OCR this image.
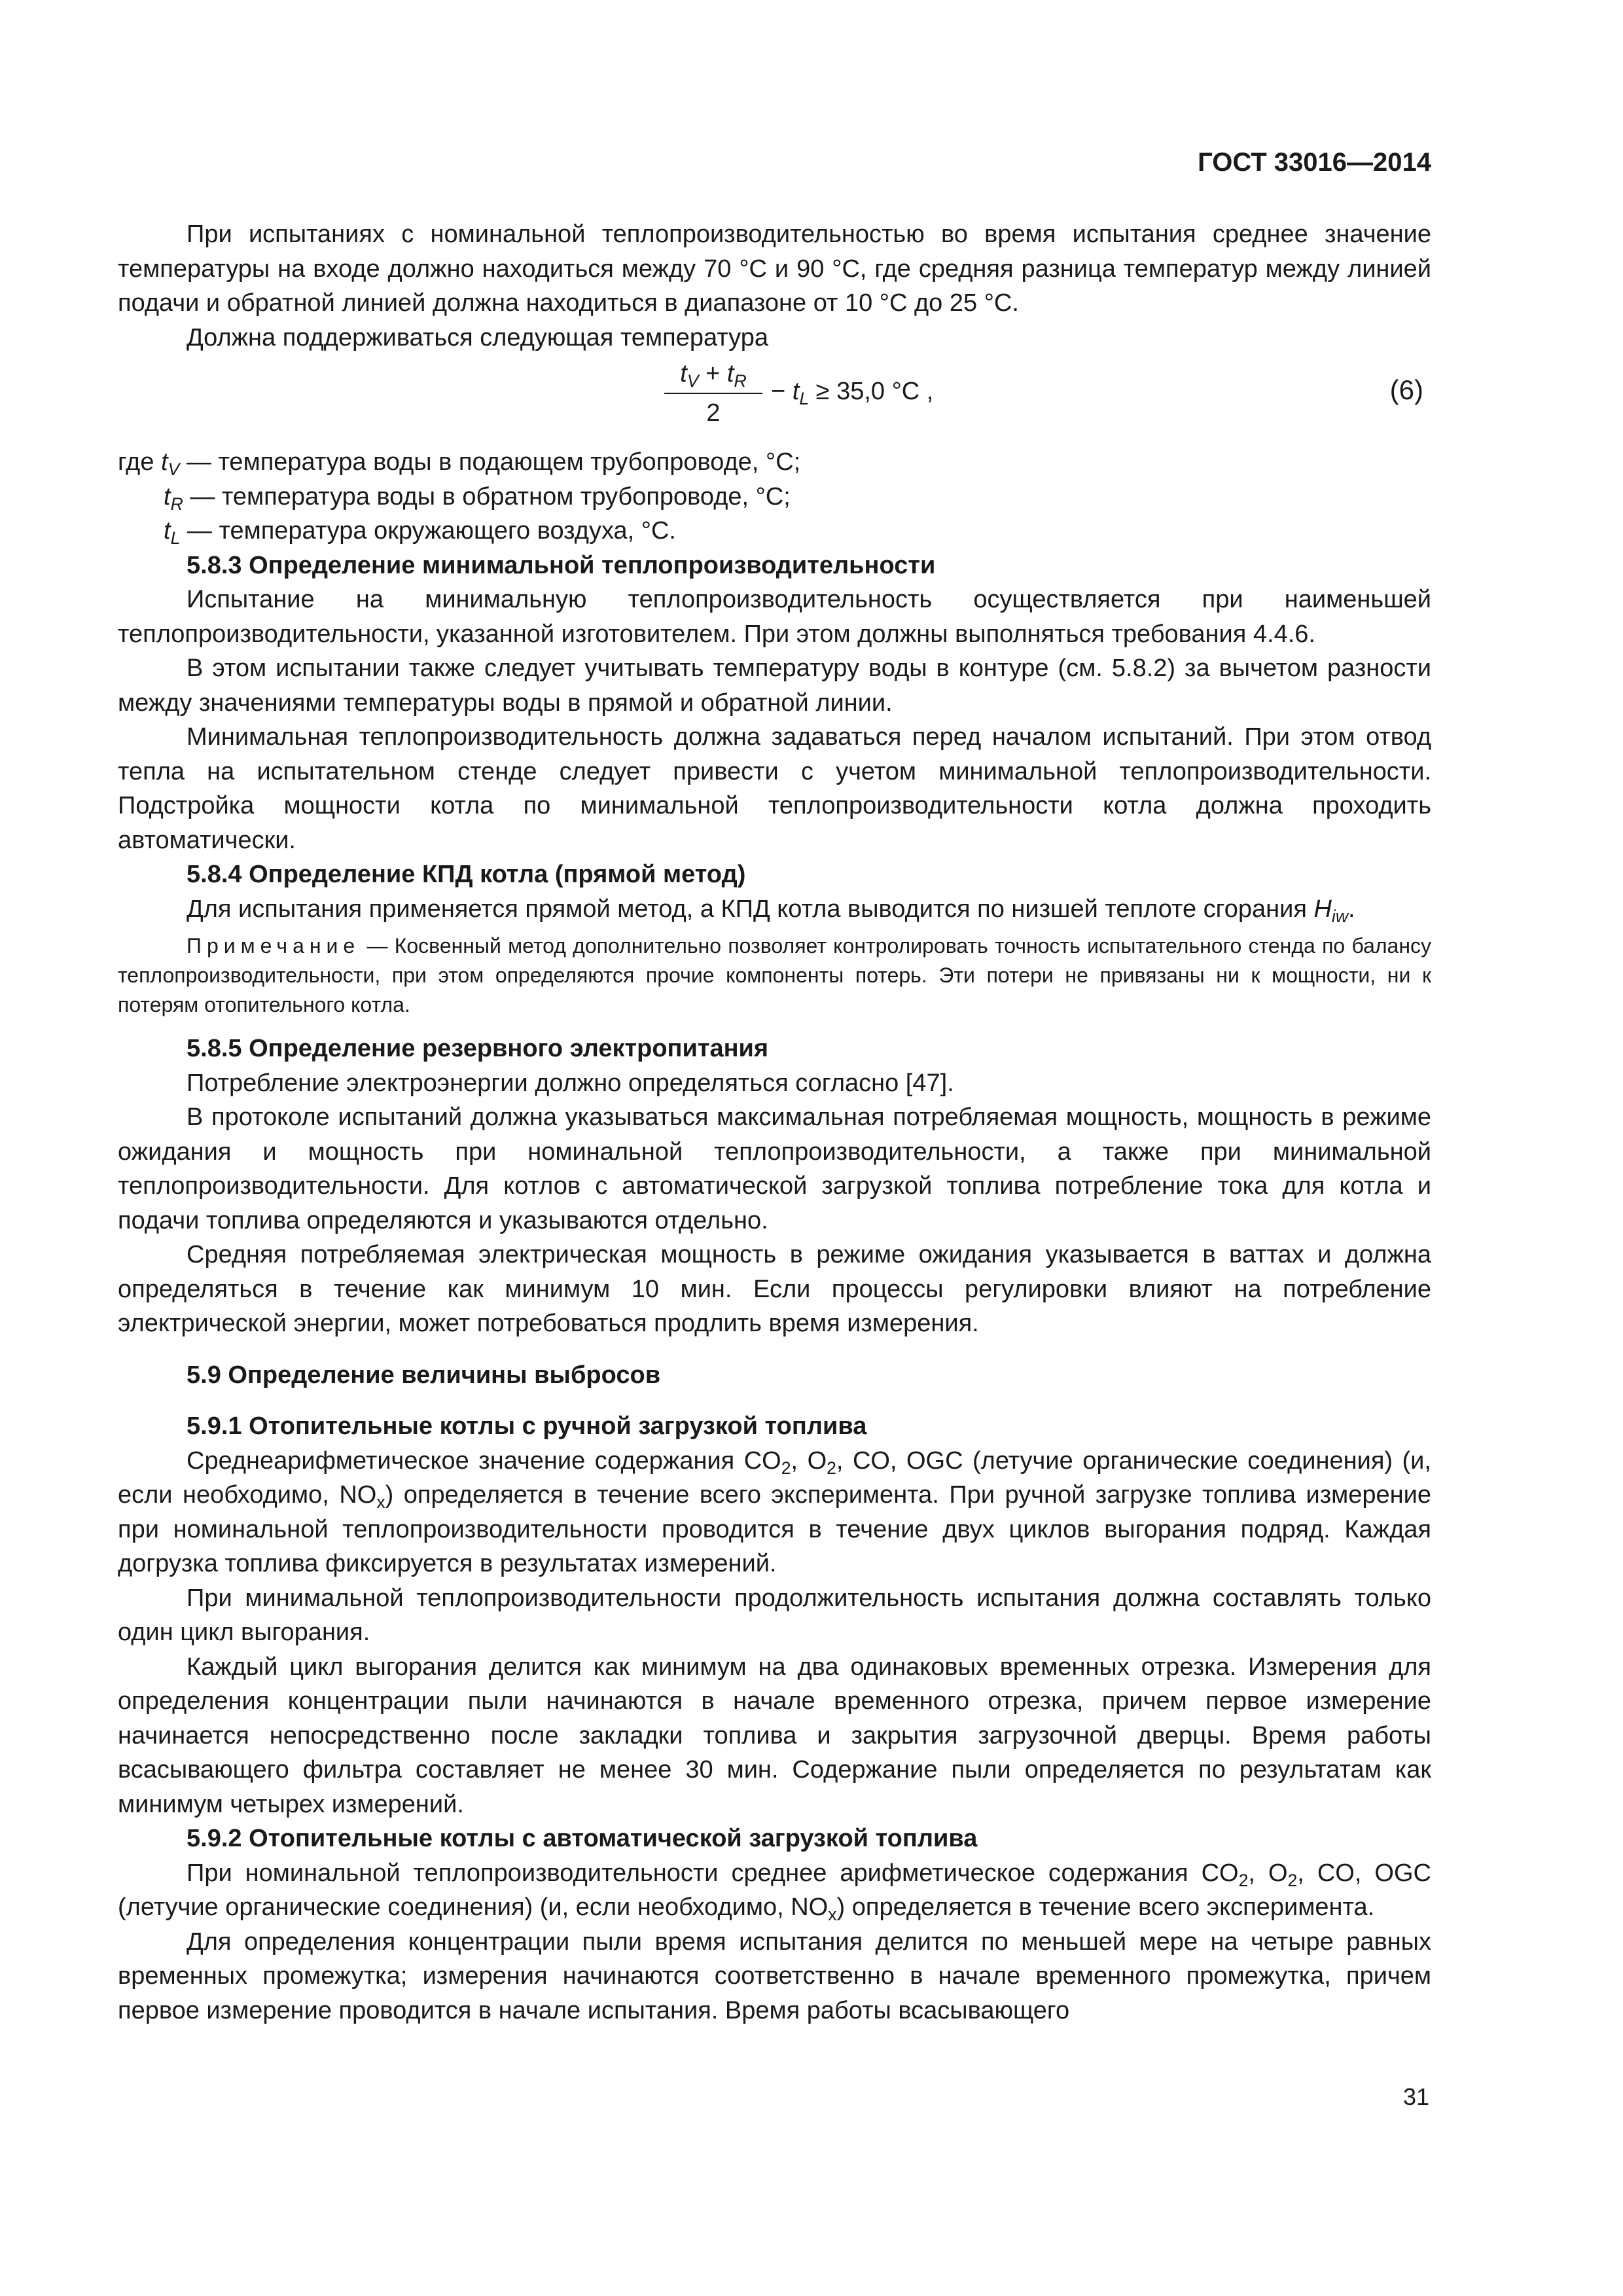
ГОСТ 33016—2014

При испытаниях с номинальной теплопроизводительностью во время испытания среднее значение температуры на входе должно находиться между 70 °С и 90 °С, где средняя разница температур между линией подачи и обратной линией должна находиться в диапазоне от 10 °С до 25 °С.

Должна поддерживаться следующая температура

$\frac{t_V + t_R}{2} - t_L \ge 35,0$ °С ,	(6)

где $t_V$ — температура воды в подающем трубопроводе, °С;

$t_R$ — температура воды в обратном трубопроводе, °С;

$t_L$ — температура окружающего воздуха, °С.

5.8.3 Определение минимальной теплопроизводительности

Испытание на минимальную теплопроизводительность осуществляется при наименьшей теплопроизводительности, указанной изготовителем. При этом должны выполняться требования 4.4.6.

В этом испытании также следует учитывать температуру воды в контуре (см. 5.8.2) за вычетом разности между значениями температуры воды в прямой и обратной линии.

Минимальная теплопроизводительность должна задаваться перед началом испытаний. При этом отвод тепла на испытательном стенде следует привести с учетом минимальной теплопроизводительности. Подстройка мощности котла по минимальной теплопроизводительности котла должна проходить автоматически.

5.8.4 Определение КПД котла (прямой метод)

Для испытания применяется прямой метод, а КПД котла выводится по низшей теплоте сгорания $H_{iw}$.

Примечание — Косвенный метод дополнительно позволяет контролировать точность испытательного стенда по балансу теплопроизводительности, при этом определяются прочие компоненты потерь. Эти потери не привязаны ни к мощности, ни к потерям отопительного котла.

5.8.5 Определение резервного электропитания

Потребление электроэнергии должно определяться согласно [47].

В протоколе испытаний должна указываться максимальная потребляемая мощность, мощность в режиме ожидания и мощность при номинальной теплопроизводительности, а также при минимальной теплопроизводительности. Для котлов с автоматической загрузкой топлива потребление тока для котла и подачи топлива определяются и указываются отдельно.

Средняя потребляемая электрическая мощность в режиме ожидания указывается в ваттах и должна определяться в течение как минимум 10 мин. Если процессы регулировки влияют на потребление электрической энергии, может потребоваться продлить время измерения.

5.9 Определение величины выбросов

5.9.1 Отопительные котлы с ручной загрузкой топлива

Среднеарифметическое значение содержания $CO_2$, $O_2$, CO, OGC (летучие органические соединения) (и, если необходимо, $NO_x$) определяется в течение всего эксперимента. При ручной загрузке топлива измерение при номинальной теплопроизводительности проводится в течение двух циклов выгорания подряд. Каждая догрузка топлива фиксируется в результатах измерений.

При минимальной теплопроизводительности продолжительность испытания должна составлять только один цикл выгорания.

Каждый цикл выгорания делится как минимум на два одинаковых временных отрезка. Измерения для определения концентрации пыли начинаются в начале временного отрезка, причем первое измерение начинается непосредственно после закладки топлива и закрытия загрузочной дверцы. Время работы всасывающего фильтра составляет не менее 30 мин. Содержание пыли определяется по результатам как минимум четырех измерений.

5.9.2 Отопительные котлы с автоматической загрузкой топлива

При номинальной теплопроизводительности среднее арифметическое содержания $CO_2$, $O_2$, CO, OGC (летучие органические соединения) (и, если необходимо, $NO_x$) определяется в течение всего эксперимента.

Для определения концентрации пыли время испытания делится по меньшей мере на четыре равных временных промежутка; измерения начинаются соответственно в начале временного промежутка, причем первое измерение проводится в начале испытания. Время работы всасывающего

31
